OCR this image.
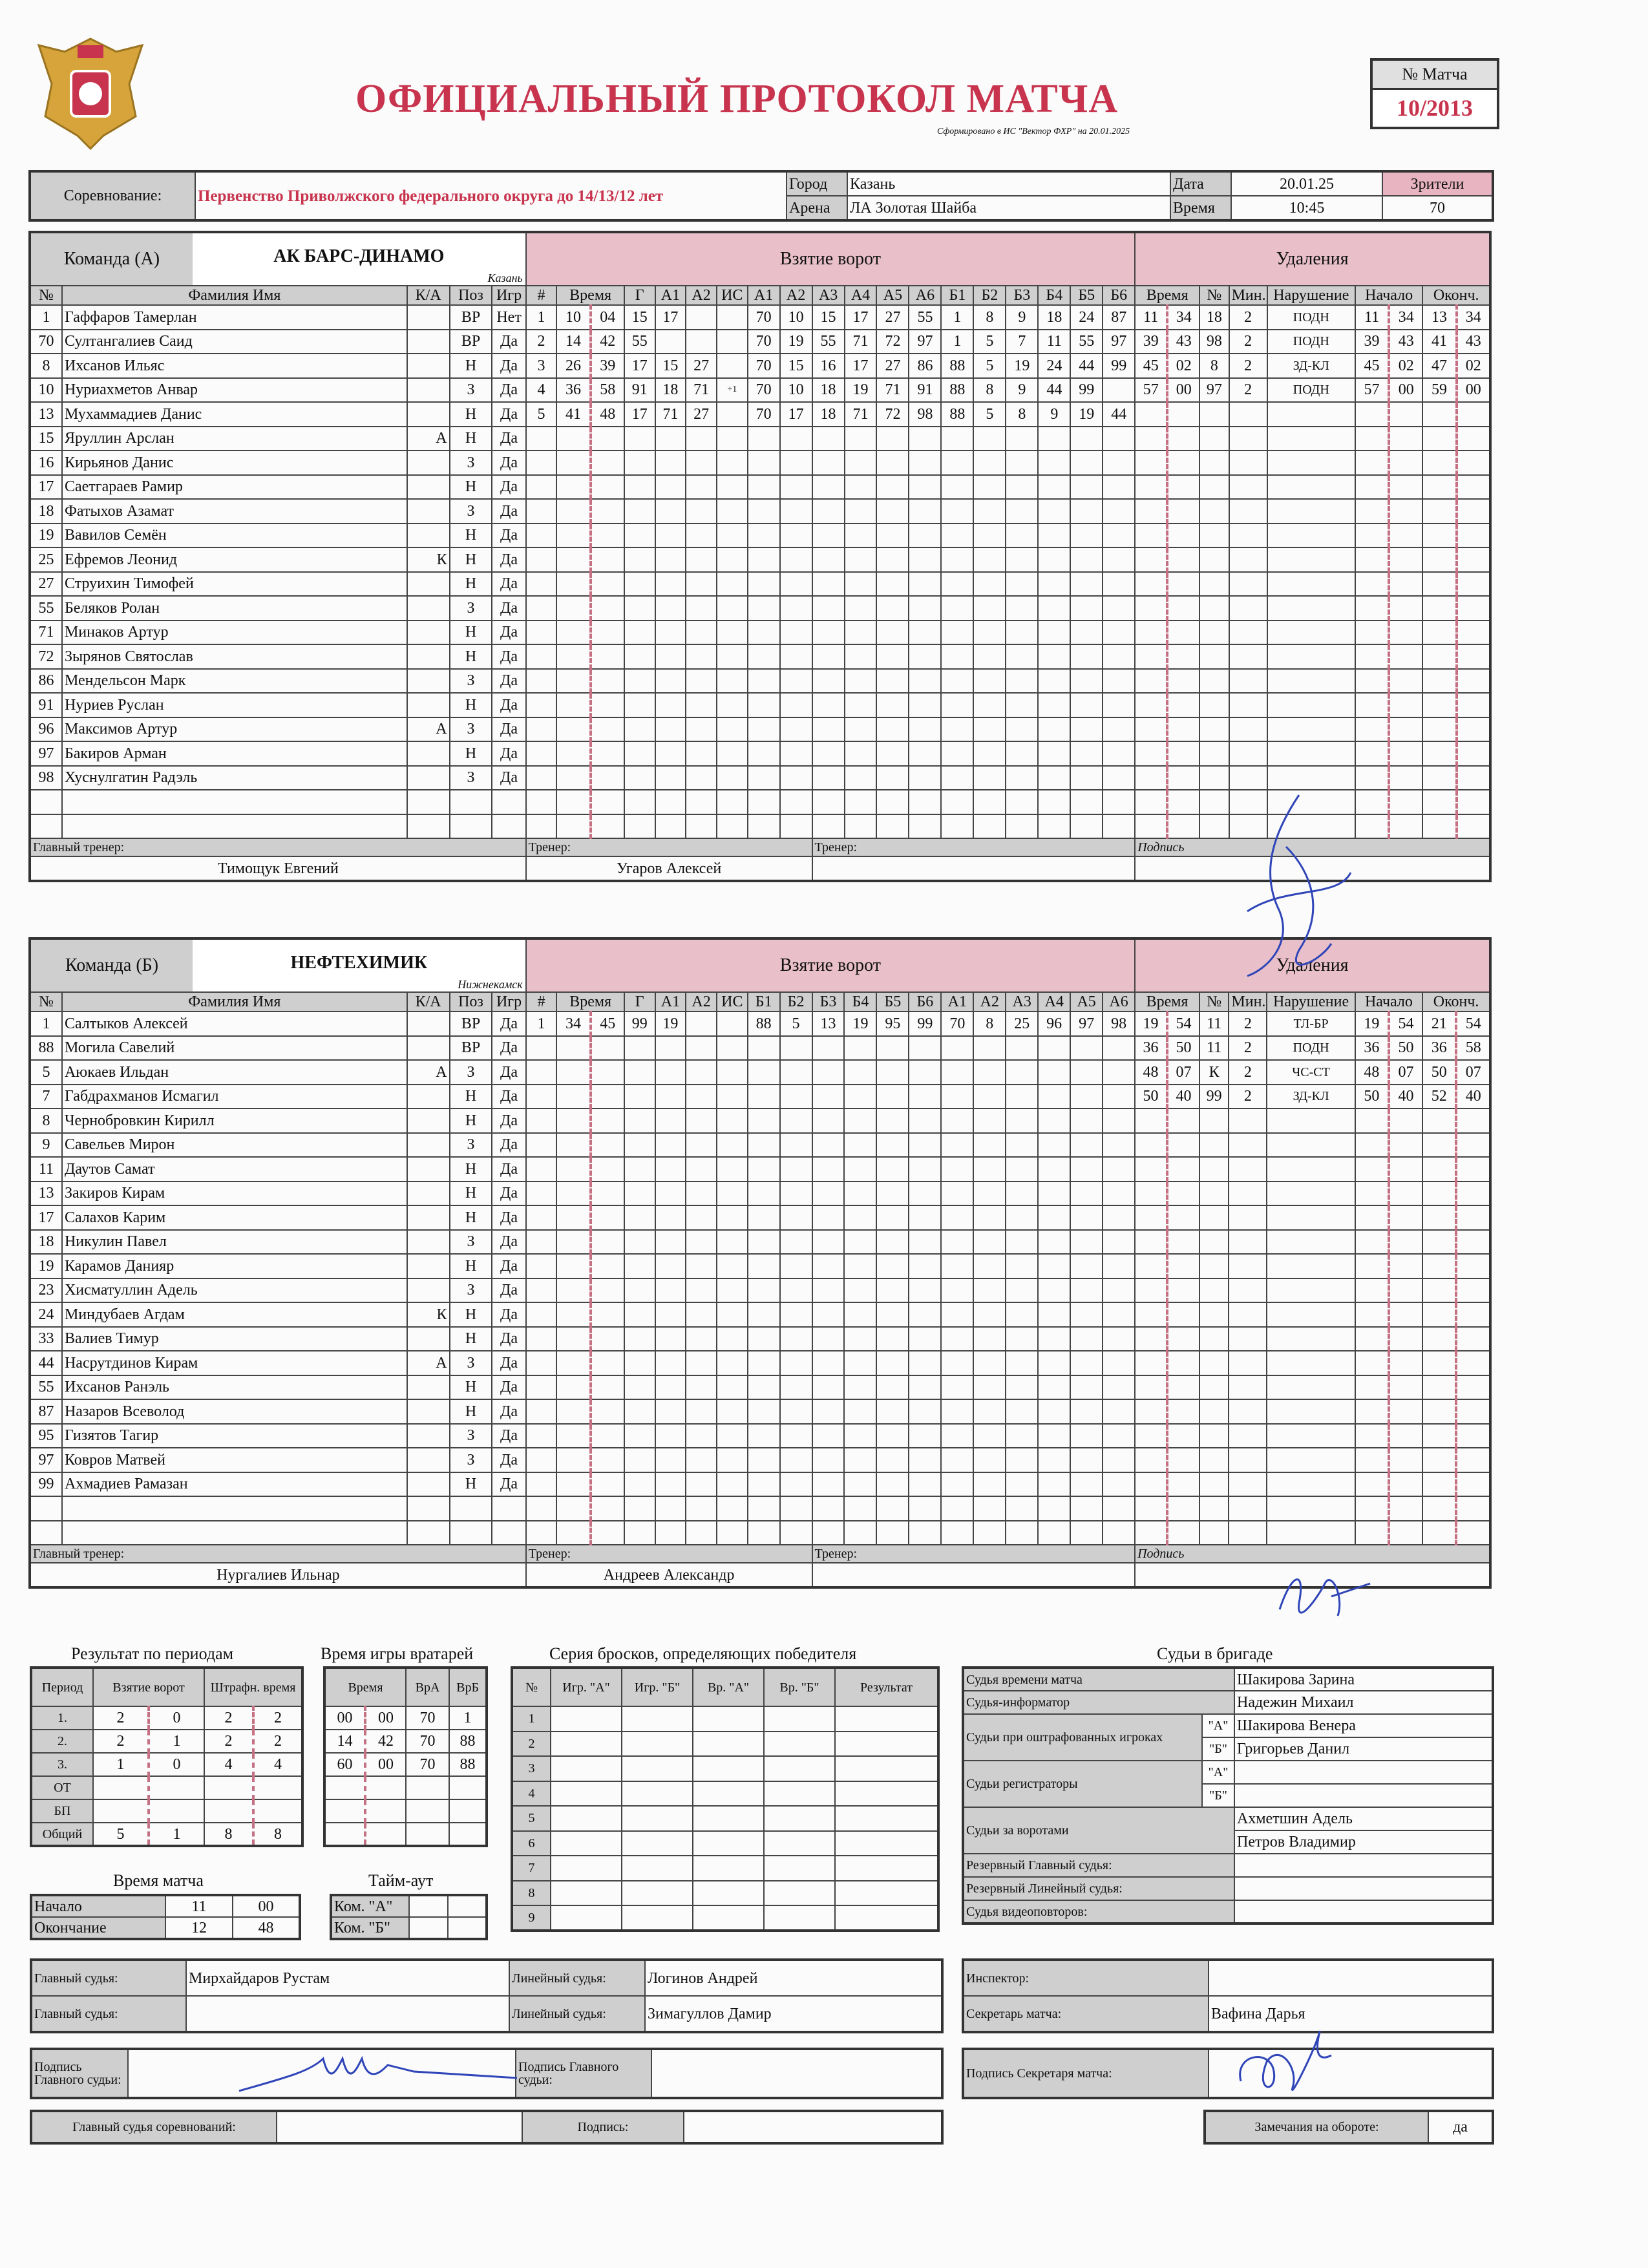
ОФИЦИАЛЬНЫЙ ПРОТОКОЛ МАТЧА
Сформировано в ИС "Вектор ФХР" на 20.01.2025
№ Матча
10/2013
Соревнование:	Первенство Приволжского федерального округа до 14/13/12 лет	Город	Казань	Дата	20.01.25	Зрители
		Арена	ЛА Золотая Шайба	Время	10:45	70
Команда (А) АК БАРС-ДИНАМО
Казань					Взятие ворот																			Удаления								
№	Фамилия Имя	К/А	Поз	Игр	#	Время		Г	А1	А2	ИС	А1	А2	А3	А4	А5	А6	Б1	Б2	Б3	Б4	Б5	Б6	Время		№	Мин.	Нарушение	Начало		Оконч.	
1	Гаффаров Тамерлан		ВР	Нет	1	10	04	15	17			70	10	15	17	27	55	1	8	9	18	24	87	11	34	18	2	ПОДН	11	34	13	34
70	Султангалиев Саид		ВР	Да	2	14	42	55				70	19	55	71	72	97	1	5	7	11	55	97	39	43	98	2	ПОДН	39	43	41	43
8	Ихсанов Ильяс		Н	Да	3	26	39	17	15	27		70	15	16	17	27	86	88	5	19	24	44	99	45	02	8	2	ЗД-КЛ	45	02	47	02
10	Нуриахметов Анвар		З	Да	4	36	58	91	18	71	+1	70	10	18	19	71	91	88	8	9	44	99		57	00	97	2	ПОДН	57	00	59	00
13	Мухаммадиев Данис		Н	Да	5	41	48	17	71	27		70	17	18	71	72	98	88	5	8	9	19	44									
15	Яруллин Арслан	А	Н	Да																												
16	Кирьянов Данис		З	Да																												
17	Саетгараев Рамир		Н	Да																												
18	Фатыхов Азамат		З	Да																												
19	Вавилов Семён		Н	Да																												
25	Ефремов Леонид	К	Н	Да																												
27	Струихин Тимофей		Н	Да																												
55	Беляков Ролан		З	Да																												
71	Минаков Артур		Н	Да																												
72	Зырянов Святослав		Н	Да																												
86	Мендельсон Марк		З	Да																												
91	Нуриев Руслан		Н	Да																												
96	Максимов Артур	А	З	Да																												
97	Бакиров Арман		Н	Да																												
98	Хуснулгатин Радэль		З	Да																												

Главный тренер:					Тренер:									Тренер:										Подпись								
Тимощук Евгений					Угаров Алексей																											
Команда (Б) НЕФТЕХИМИК
Нижнекамск					Взятие ворот																			Удаления								
№	Фамилия Имя	К/А	Поз	Игр	#	Время		Г	А1	А2	ИС	Б1	Б2	Б3	Б4	Б5	Б6	А1	А2	А3	А4	А5	А6	Время		№	Мин.	Нарушение	Начало		Оконч.	
1	Салтыков Алексей		ВР	Да	1	34	45	99	19			88	5	13	19	95	99	70	8	25	96	97	98	19	54	11	2	ТЛ-БР	19	54	21	54
88	Могила Савелий		ВР	Да																				36	50	11	2	ПОДН	36	50	36	58
5	Аюкаев Ильдан	А	З	Да																				48	07	К	2	ЧС-СТ	48	07	50	07
7	Габдрахманов Исмагил		Н	Да																				50	40	99	2	ЗД-КЛ	50	40	52	40
8	Чернобровкин Кирилл		Н	Да																												
9	Савельев Мирон		З	Да																												
11	Даутов Самат		Н	Да																												
13	Закиров Кирам		Н	Да																												
17	Салахов Карим		Н	Да																												
18	Никулин Павел		З	Да																												
19	Карамов Данияр		Н	Да																												
23	Хисматуллин Адель		З	Да																												
24	Миндубаев Агдам	К	Н	Да																												
33	Валиев Тимур		Н	Да																												
44	Насрутдинов Кирам	А	З	Да																												
55	Ихсанов Ранэль		Н	Да																												
87	Назаров Всеволод		Н	Да																												
95	Гизятов Тагир		З	Да																												
97	Ковров Матвей		З	Да																												
99	Ахмадиев Рамазан		Н	Да																												

Главный тренер:					Тренер:									Тренер:										Подпись								
Нургалиев Ильнар					Андреев Александр																											
Результат по периодам	Время игры вратарей	Серия бросков, определяющих победителя	Судьи в бригаде
Период	Взятие ворот		Штрафн. время	
1.	2	0	2	2
2.	2	1	2	2
3.	1	0	4	4
ОТ				
БП				
Общий	5	1	8	8
Время		ВрА	ВрБ
00	00	70	1
14	42	70	88
60	00	70	88

№	Игр. "А"	Игр. "Б"	Вр. "А"	Вр. "Б"	Результат
1					
2					
3					
4					
5					
6					
7					
8					
9					
Время матча
Начало	11	00
Окончание	12	48
Тайм-аут
Ком. "А"		
Ком. "Б"		
Судья времени матча		Шакирова Зарина
Судья-информатор		Надежин Михаил
Судьи при оштрафованных игроках	"А"	Шакирова Венера
	"Б"	Григорьев Данил
Судьи регистраторы	"А"	
	"Б"	
Судьи за воротами		Ахметшин Адель
		Петров Владимир
Резервный Главный судья:		
Резервный Линейный судья:		
Судья видеоповторов:		
Главный судья:	Мирхайдаров Рустам	Линейный судья:	Логинов Андрей
Главный судья:		Линейный судья:	Зимагуллов Дамир
Инспектор:	
Секретарь матча:	Вафина Дарья
Подпись Главного судьи:		Подпись Главного судьи:		Подпись Секретаря матча:	
Главный судья соревнований:		Подпись:		Замечания на обороте:	да
